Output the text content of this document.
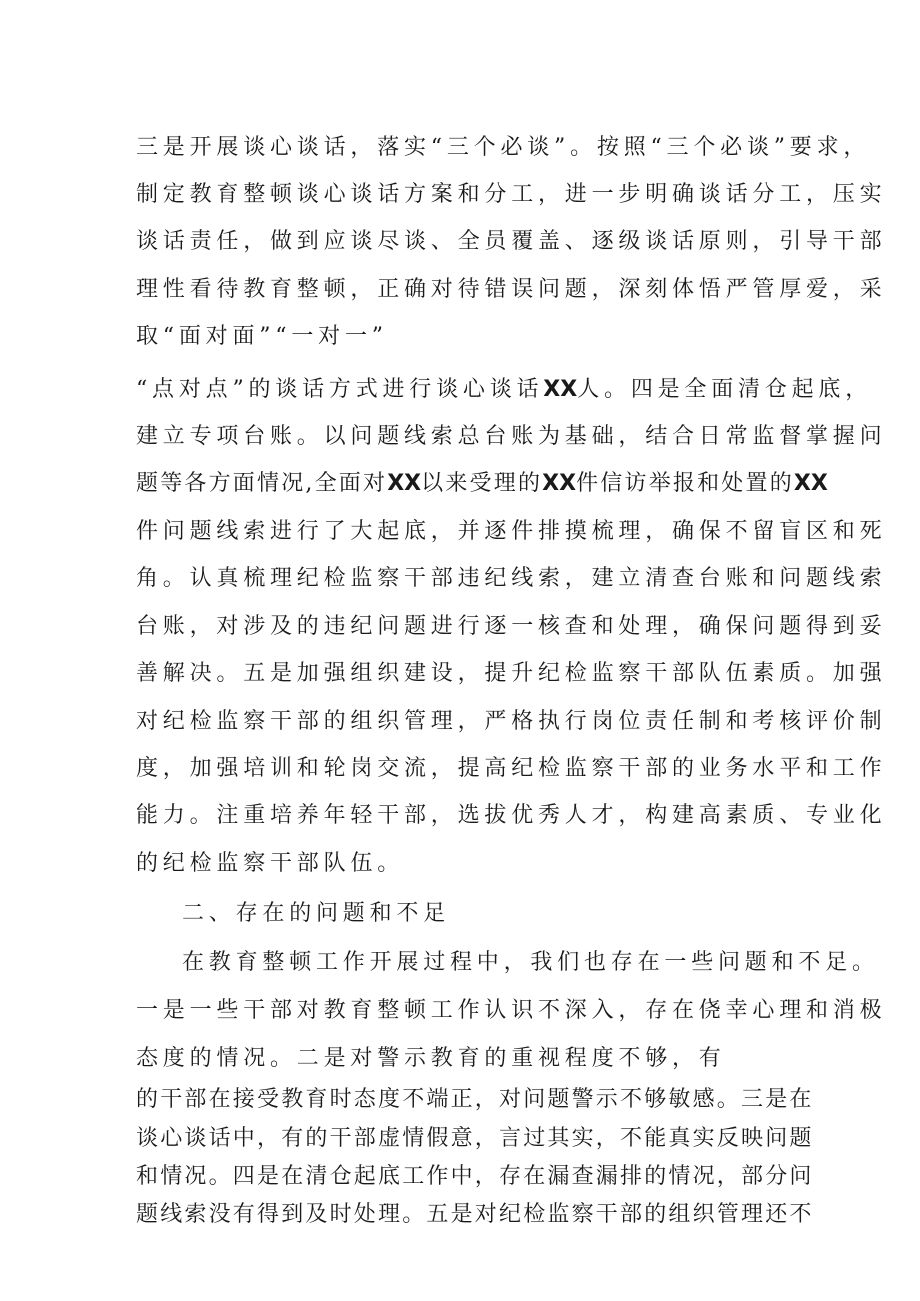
三是开展谈心谈话，落实“三个必谈”。按照“三个必谈”要求，
制定教育整顿谈心谈话方案和分工，进一步明确谈话分工，压实
谈话责任，做到应谈尽谈、全员覆盖、逐级谈话原则，引导干部
理性看待教育整顿，正确对待错误问题，深刻体悟严管厚爱，采
取“面对面”“一对一”
“点对点”的谈话方式进行谈心谈话XX人。四是全面清仓起底，
建立专项台账。以问题线索总台账为基础，结合日常监督掌握问
题等各方面情况,全面对XX以来受理的XX件信访举报和处置的XX
件问题线索进行了大起底，并逐件排摸梳理，确保不留盲区和死
角。认真梳理纪检监察干部违纪线索，建立清查台账和问题线索
台账，对涉及的违纪问题进行逐一核查和处理，确保问题得到妥
善解决。五是加强组织建设，提升纪检监察干部队伍素质。加强
对纪检监察干部的组织管理，严格执行岗位责任制和考核评价制
度，加强培训和轮岗交流，提高纪检监察干部的业务水平和工作
能力。注重培养年轻干部，选拔优秀人才，构建高素质、专业化
的纪检监察干部队伍。
二、存在的问题和不足
在教育整顿工作开展过程中，我们也存在一些问题和不足。
一是一些干部对教育整顿工作认识不深入，存在侥幸心理和消极
态度的情况。二是对警示教育的重视程度不够，有
的干部在接受教育时态度不端正，对问题警示不够敏感。三是在
谈心谈话中，有的干部虚情假意，言过其实，不能真实反映问题
和情况。四是在清仓起底工作中，存在漏查漏排的情况，部分问
题线索没有得到及时处理。五是对纪检监察干部的组织管理还不
